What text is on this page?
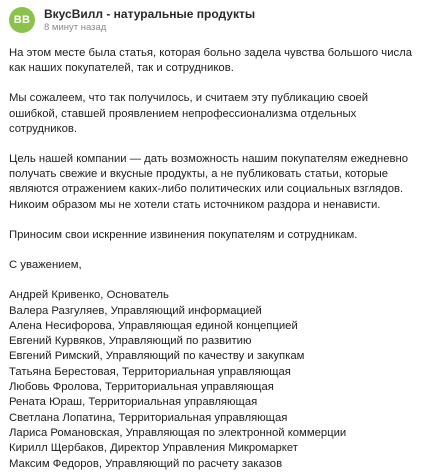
ВВ	ВкусВилл - натуральные продукты
8 минут назад

На этом месте была статья, которая больно задела чувства большого числа как наших покупателей, так и сотрудников.

Мы сожалеем, что так получилось, и считаем эту публикацию своей ошибкой, ставшей проявлением непрофессионализма отдельных сотрудников.

Цель нашей компании — дать возможность нашим покупателям ежедневно получать свежие и вкусные продукты, а не публиковать статьи, которые являются отражением каких-либо политических или социальных взглядов. Никоим образом мы не хотели стать источником раздора и ненависти.

Приносим свои искренние извинения покупателям и сотрудникам.

С уважением,

Андрей Кривенко, Основатель

Валера Разгуляев, Управляющий информацией

Алена Несифорова, Управляющая единой концепцией

Евгений Курвяков, Управляющий по развитию

Евгений Римский, Управляющий по качеству и закупкам

Татьяна Берестовая, Территориальная управляющая

Любовь Фролова, Территориальная управляющая

Рената Юраш, Территориальная управляющая

Светлана Лопатина, Территориальная управляющая

Лариса Романовская, Управляющая по электронной коммерции

Кирилл Щербаков, Директор Управления Микромаркет

Максим Федоров, Управляющий по расчету заказов
